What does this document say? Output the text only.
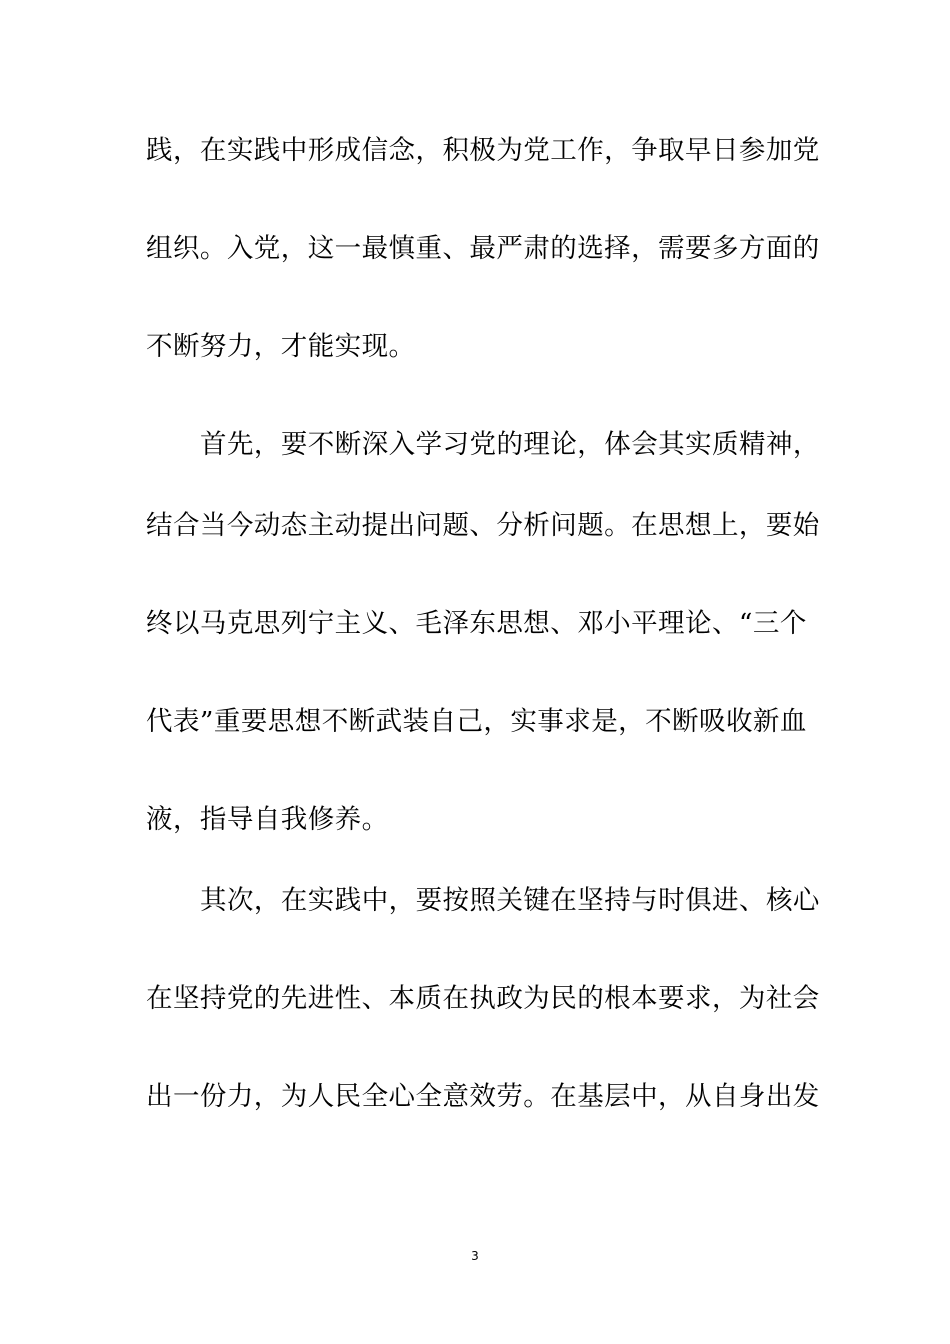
践，在实践中形成信念，积极为党工作，争取早日参加党
组织。入党，这一最慎重、最严肃的选择，需要多方面的
不断努力，才能实现。
首先，要不断深入学习党的理论，体会其实质精神，
结合当今动态主动提出问题、分析问题。在思想上，要始
终以马克思列宁主义、毛泽东思想、邓小平理论、“三个
代表”重要思想不断武装自己，实事求是，不断吸收新血
液，指导自我修养。
其次，在实践中，要按照关键在坚持与时俱进、核心
在坚持党的先进性、本质在执政为民的根本要求，为社会
出一份力，为人民全心全意效劳。在基层中，从自身出发
3
